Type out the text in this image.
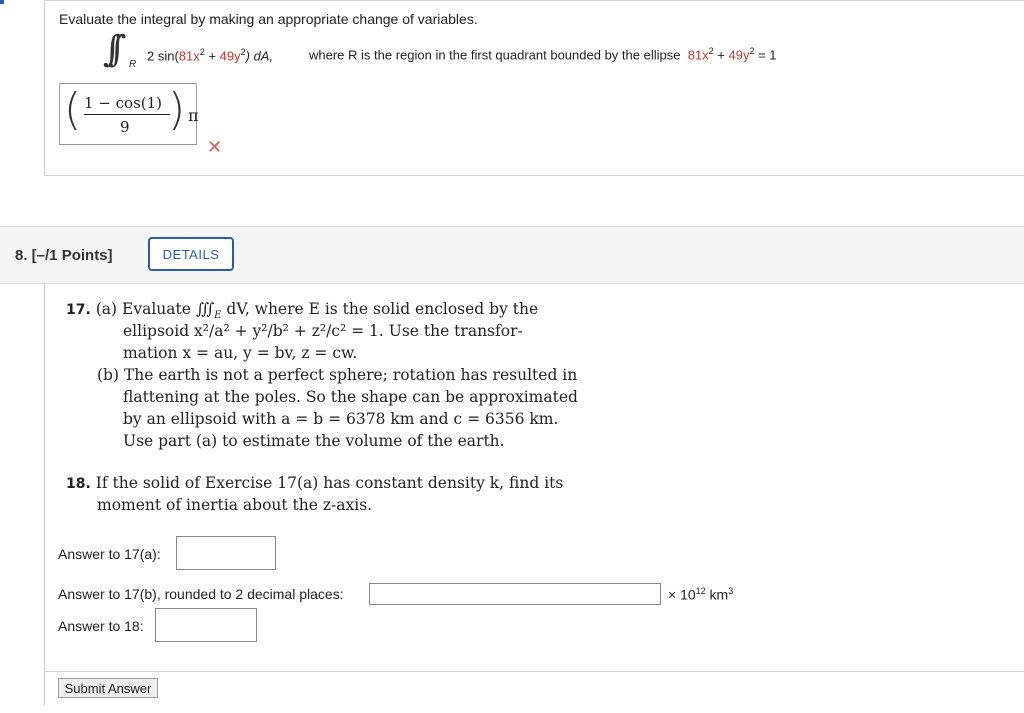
Evaluate the integral by making an appropriate change of variables.
∫∫ R
2 $\sin(81x^2 + 49y^2)$ dA,	where R is the region in the first quadrant bounded by the ellipse $81x^2 + 49y^2 = 1$
( 1 − cos(1)
9 ) π
✕
8. [–/1 Points]	DETAILS
17. (a) Evaluate $∭_E$ dV, where E is the solid enclosed by the
ellipsoid x²/a² + y²/b² + z²/c² = 1. Use the transfor-
mation x = au, y = bv, z = cw.
(b) The earth is not a perfect sphere; rotation has resulted in
flattening at the poles. So the shape can be approximated
by an ellipsoid with a = b = 6378 km and c = 6356 km.
Use part (a) to estimate the volume of the earth.
18. If the solid of Exercise 17(a) has constant density k, find its
moment of inertia about the z-axis.
Answer to 17(a):
Answer to 17(b), rounded to 2 decimal places:	× $10^{12}$ $km^3$
Answer to 18:
Submit Answer
